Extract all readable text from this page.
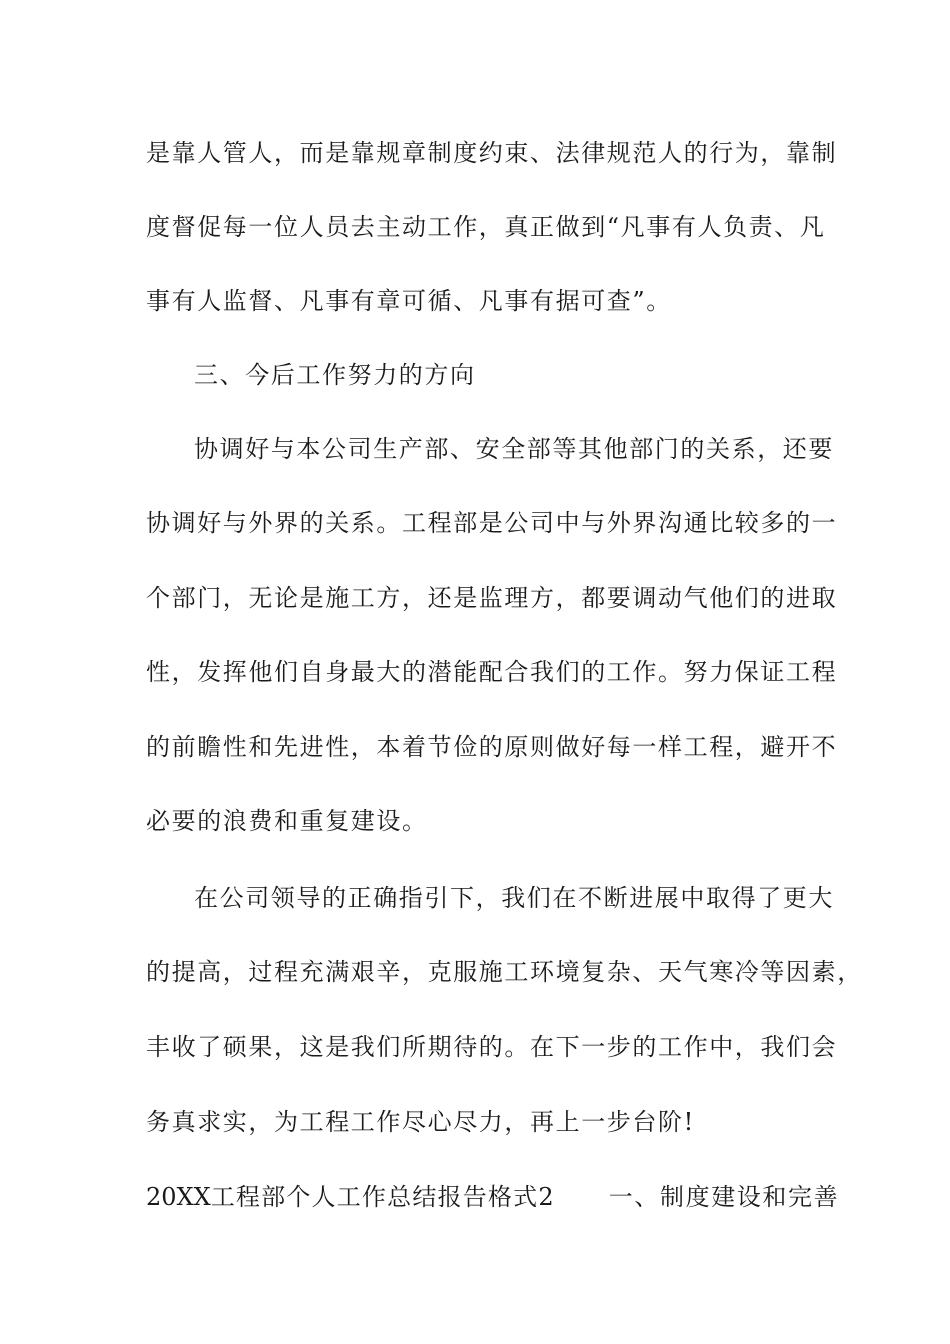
是靠人管人，而是靠规章制度约束、法律规范人的行为，靠制
度督促每一位人员去主动工作，真正做到“凡事有人负责、凡
事有人监督、凡事有章可循、凡事有据可查”。
三、今后工作努力的方向
协调好与本公司生产部、安全部等其他部门的关系，还要
协调好与外界的关系。工程部是公司中与外界沟通比较多的一
个部门，无论是施工方，还是监理方，都要调动气他们的进取
性，发挥他们自身最大的潜能配合我们的工作。努力保证工程
的前瞻性和先进性，本着节俭的原则做好每一样工程，避开不
必要的浪费和重复建设。
在公司领导的正确指引下，我们在不断进展中取得了更大
的提高，过程充满艰辛，克服施工环境复杂、天气寒冷等因素，
丰收了硕果，这是我们所期待的。在下一步的工作中，我们会
务真求实，为工程工作尽心尽力，再上一步台阶!
20XX工程部个人工作总结报告格式2 一、制度建设和完善
